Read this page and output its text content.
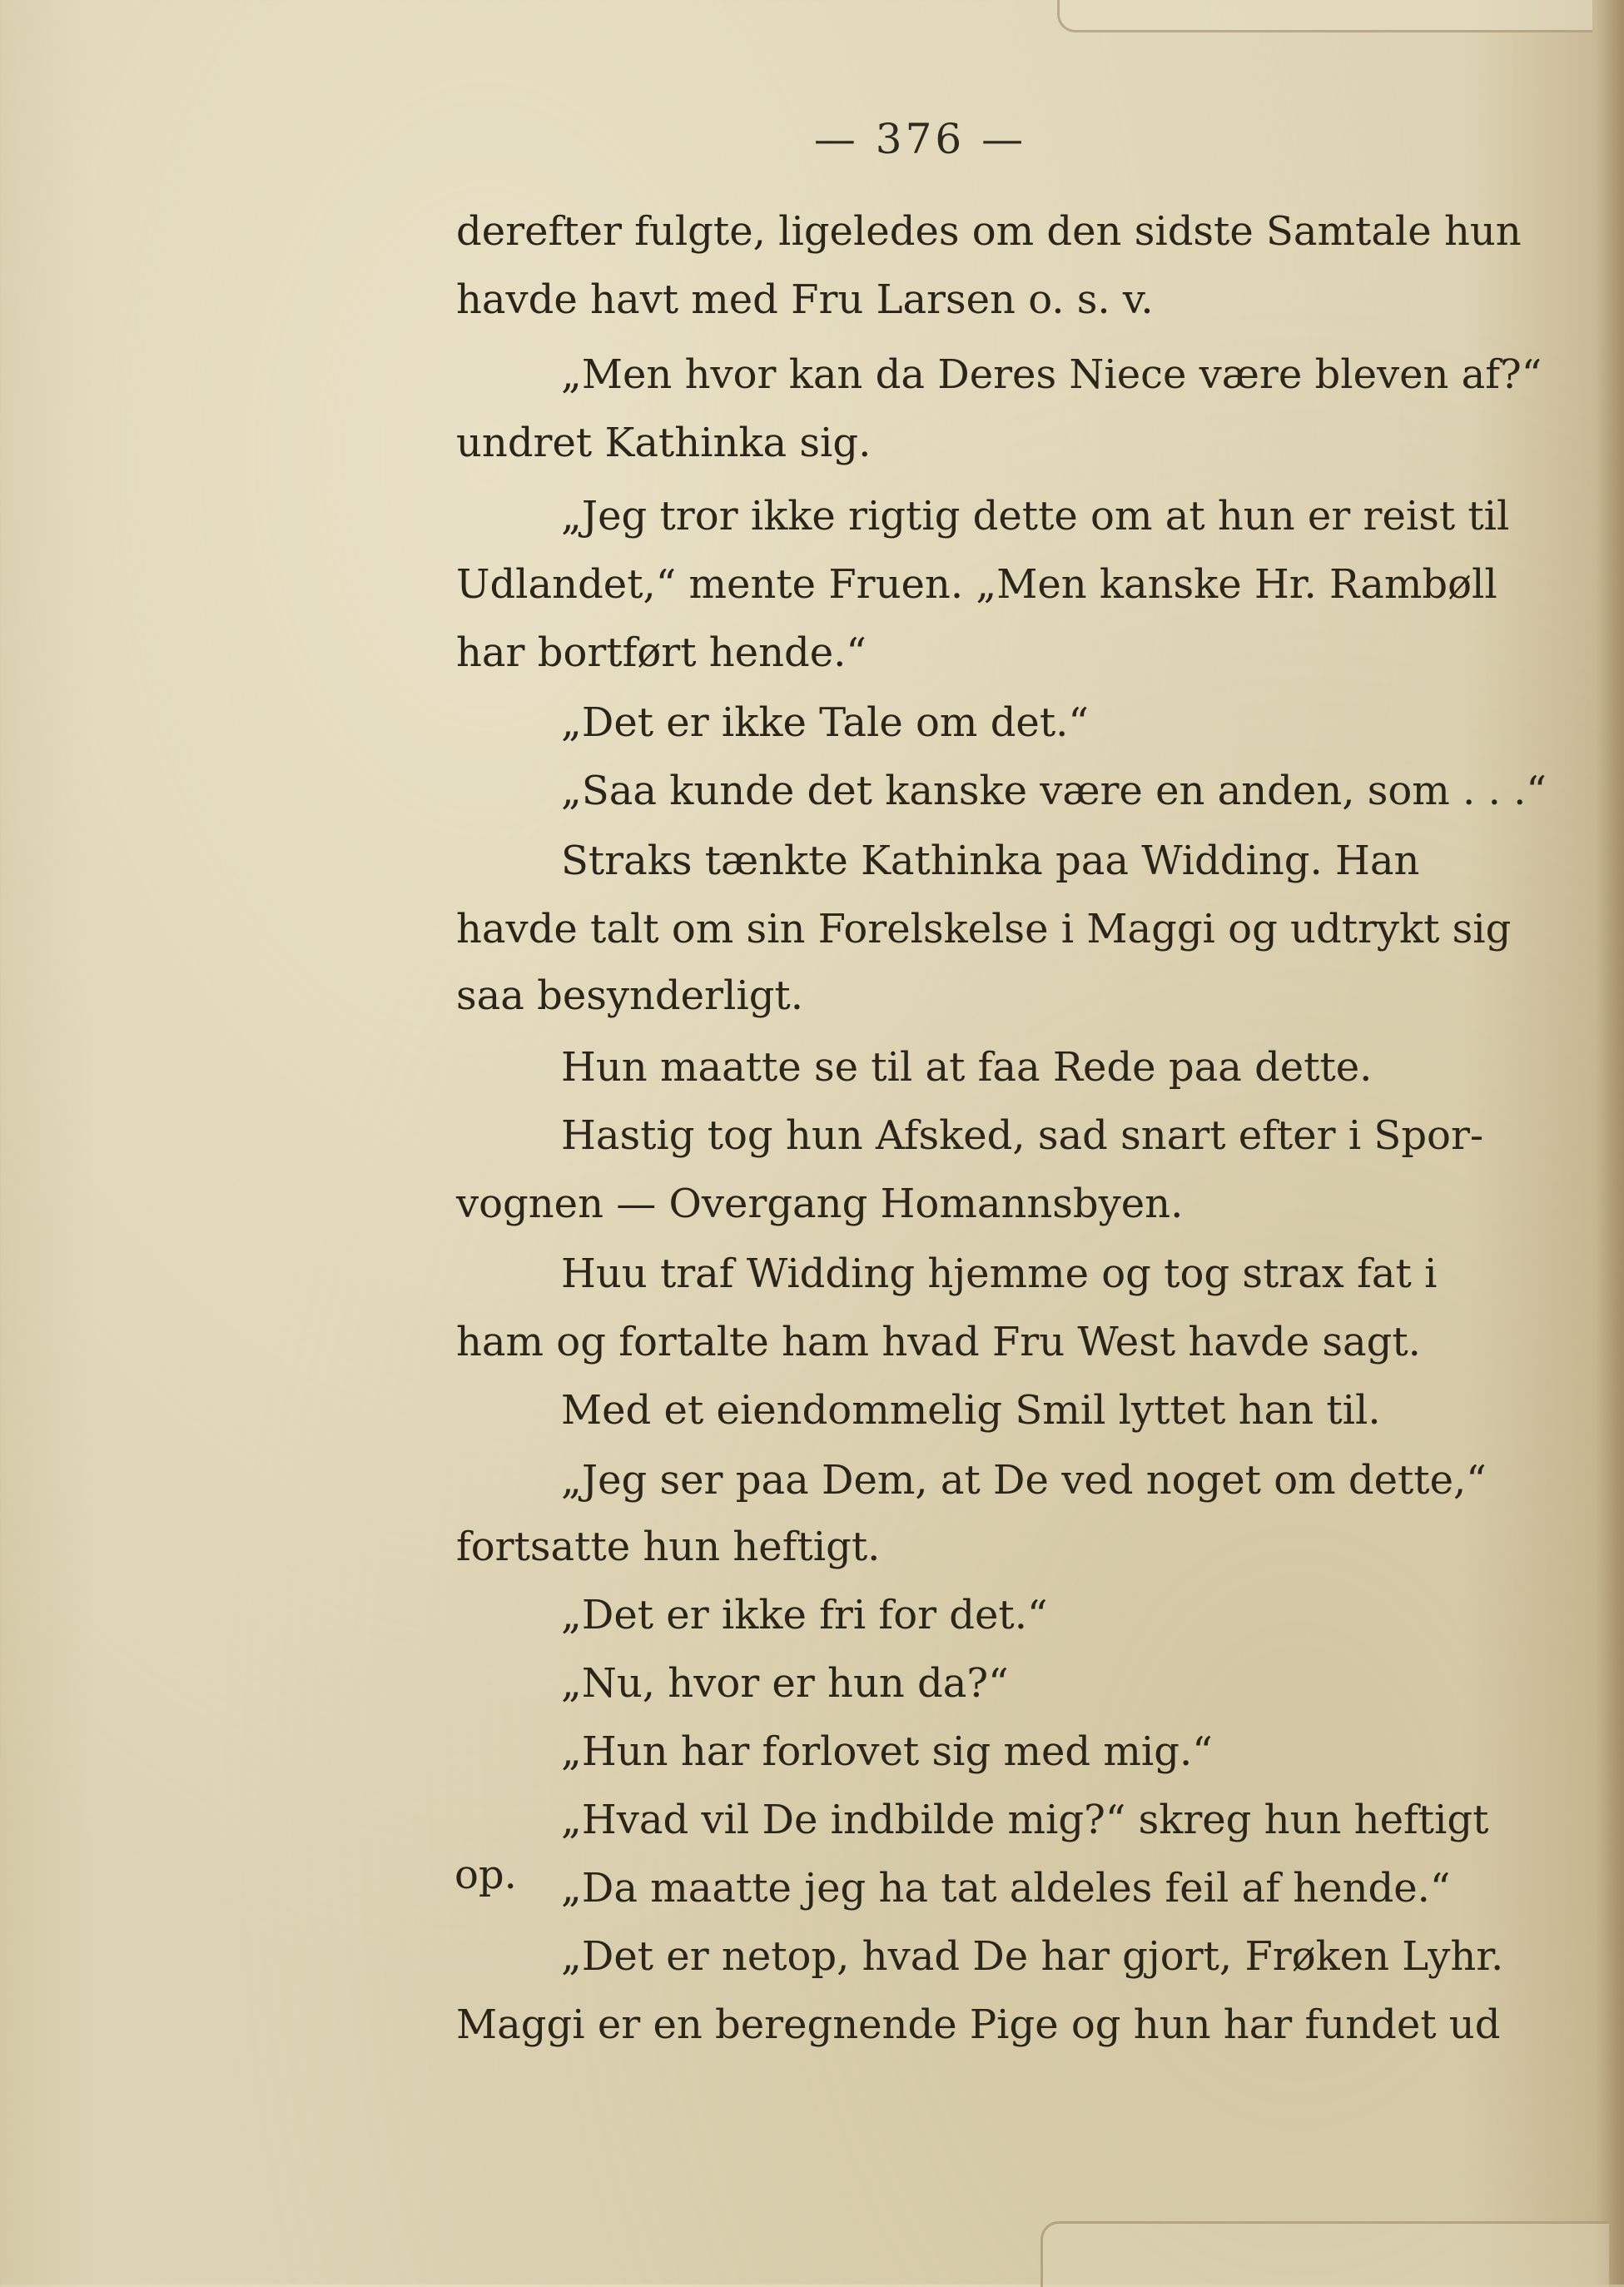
— 376 —
derefter fulgte, ligeledes om den sidste Samtale hun
havde havt med Fru Larsen o. s. v.
„Men hvor kan da Deres Niece være bleven af?“
undret Kathinka sig.
„Jeg tror ikke rigtig dette om at hun er reist til
Udlandet,“ mente Fruen. „Men kanske Hr. Rambøll
har bortført hende.“
„Det er ikke Tale om det.“
„Saa kunde det kanske være en anden, som . . .“
Straks tænkte Kathinka paa Widding. Han
havde talt om sin Forelskelse i Maggi og udtrykt sig
saa besynderligt.
Hun maatte se til at faa Rede paa dette.
Hastig tog hun Afsked, sad snart efter i Spor-
vognen — Overgang Homannsbyen.
Huu traf Widding hjemme og tog strax fat i
ham og fortalte ham hvad Fru West havde sagt.
Med et eiendommelig Smil lyttet han til.
„Jeg ser paa Dem, at De ved noget om dette,“
fortsatte hun heftigt.
„Det er ikke fri for det.“
„Nu, hvor er hun da?“
„Hun har forlovet sig med mig.“
„Hvad vil De indbilde mig?“ skreg hun heftigt
„Da maatte jeg ha tat aldeles feil af hende.“
„Det er netop, hvad De har gjort, Frøken Lyhr.
Maggi er en beregnende Pige og hun har fundet ud
op.
